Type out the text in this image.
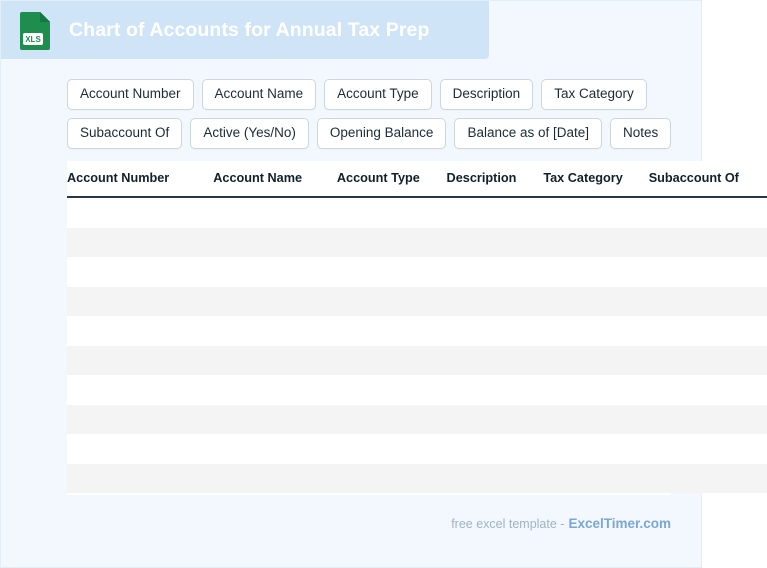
XLS Chart of Accounts for Annual Tax Prep
Account Number	Account Name	Account Type	Description	Tax Category
Subaccount Of	Active (Yes/No)	Opening Balance	Balance as of [Date]	Notes
Account Number	Account Name	Account Type	Description	Tax Category	Subaccount Of

free excel template - ExcelTimer.com
